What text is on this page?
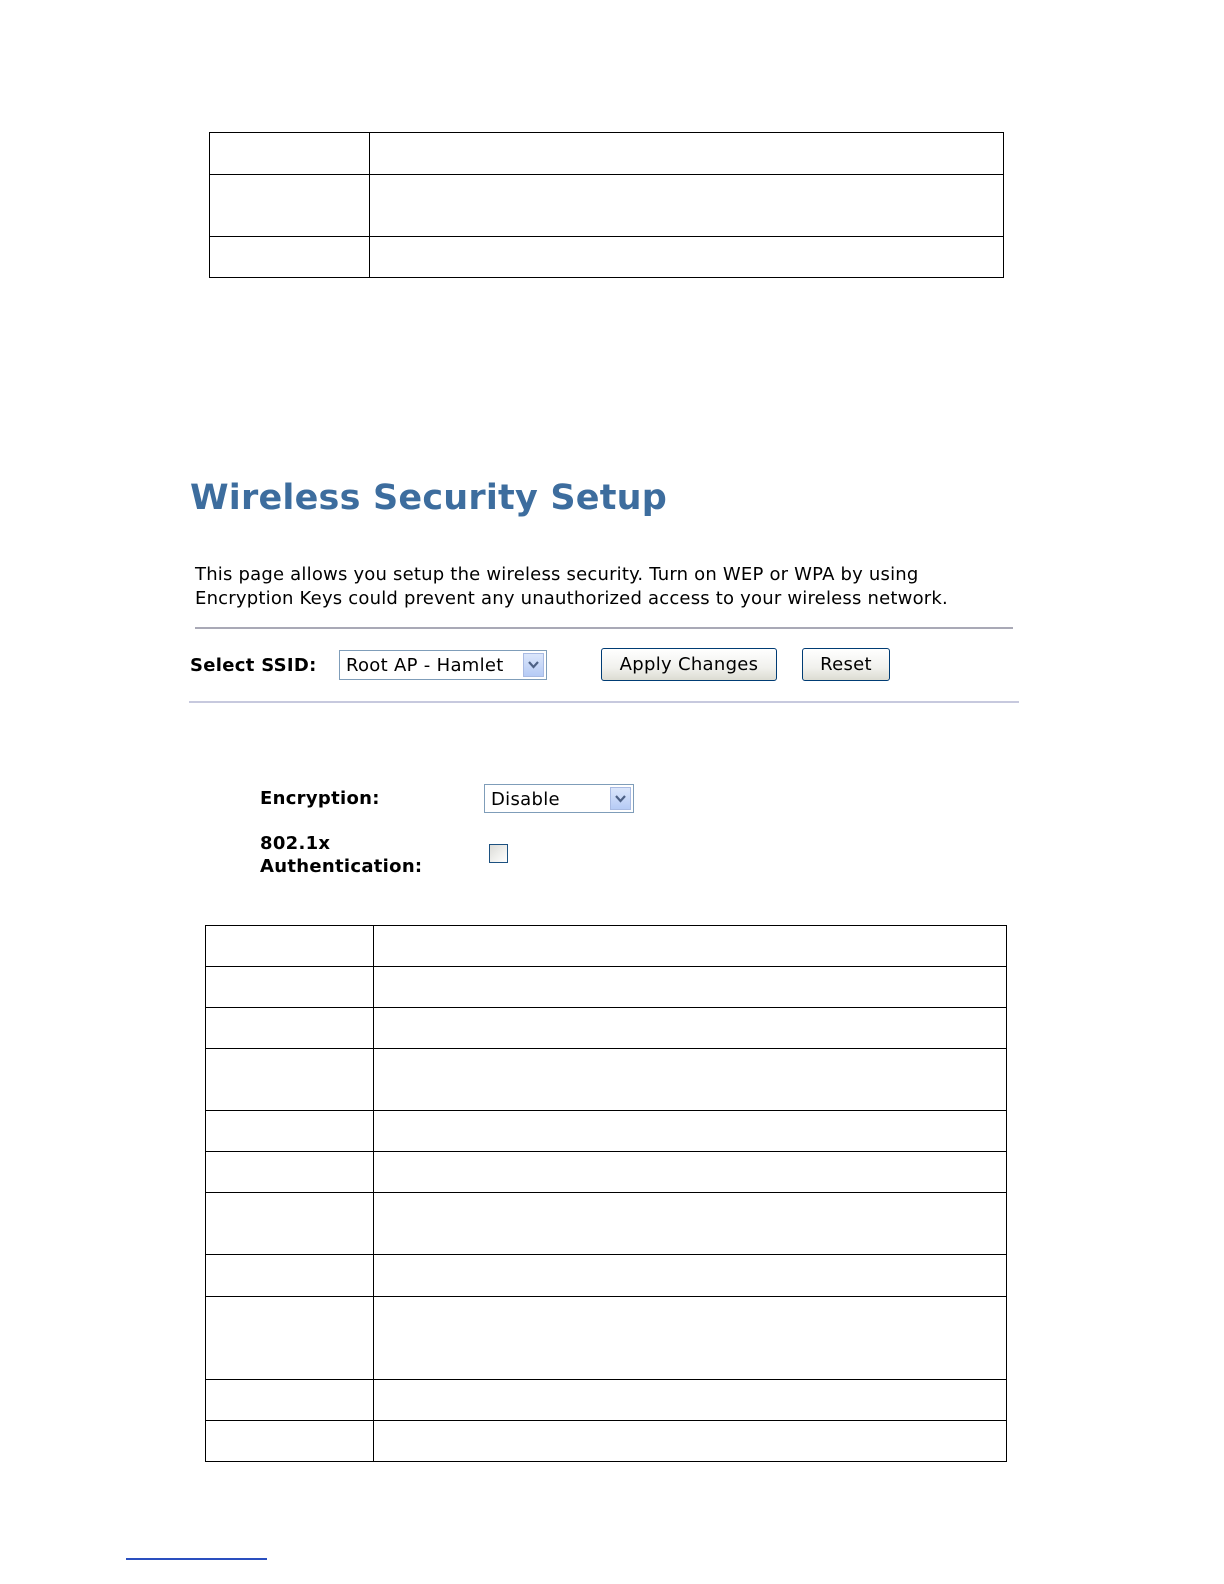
Wireless Security Setup
This page allows you setup the wireless security. Turn on WEP or WPA by using
Encryption Keys could prevent any unauthorized access to your wireless network.
Select SSID: Root AP - Hamlet	Apply Changes	Reset
Encryption:	Disable
802.1x
Authentication:
